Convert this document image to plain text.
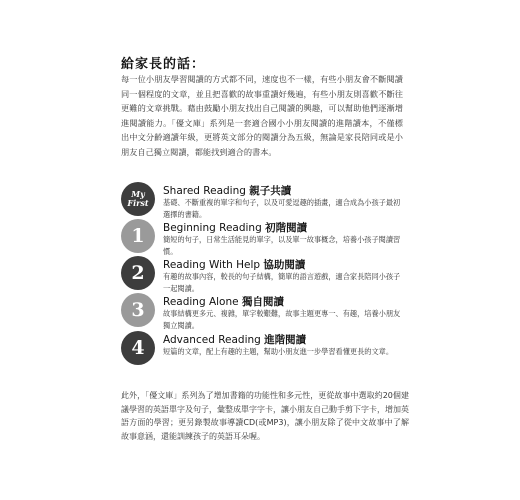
給家長的話：
每一位小朋友學習閱讀的方式都不同，速度也不一樣，有些小朋友會不斷閱讀同一個程度的文章，並且把喜歡的故事重讀好幾遍，有些小朋友則喜歡不斷往更難的文章挑戰。藉由鼓勵小朋友找出自己閱讀的興趣，可以幫助他們逐漸增進閱讀能力。「優文庫」系列是一套適合國小小朋友閱讀的進階讀本，不僅標出中文分齡適讀年級，更將英文部分的閱讀分為五級，無論是家長陪同或是小朋友自己獨立閱讀，都能找到適合的書本。
My
First
Shared Reading 親子共讀
基礎、不斷重複的單字和句子，以及可愛逗趣的插畫，適合成為小孩子最初選擇的書籍。
1 Beginning Reading 初階閱讀
簡短的句子，日常生活能見的單字，以及單一故事概念，培養小孩子閱讀習慣。
2 Reading With Help 協助閱讀
有趣的故事內容，較長的句子結構，簡單的語言遊戲，適合家長陪同小孩子一起閱讀。
3 Reading Alone 獨自閱讀
故事結構更多元、複雜，單字較艱難，故事主題更專一、有趣，培養小朋友獨立閱讀。
4 Advanced Reading 進階閱讀
短篇的文章，配上有趣的主題，幫助小朋友進一步學習看懂更長的文章。
此外，「優文庫」系列為了增加書籍的功能性和多元性，更從故事中選取約20個建議學習的英語單字及句子，彙整成單字字卡，讓小朋友自己動手剪下字卡，增加英語方面的學習；更另錄製故事導讀CD(或MP3)，讓小朋友除了從中文故事中了解故事意涵，還能訓練孩子的英語耳朵喔。
